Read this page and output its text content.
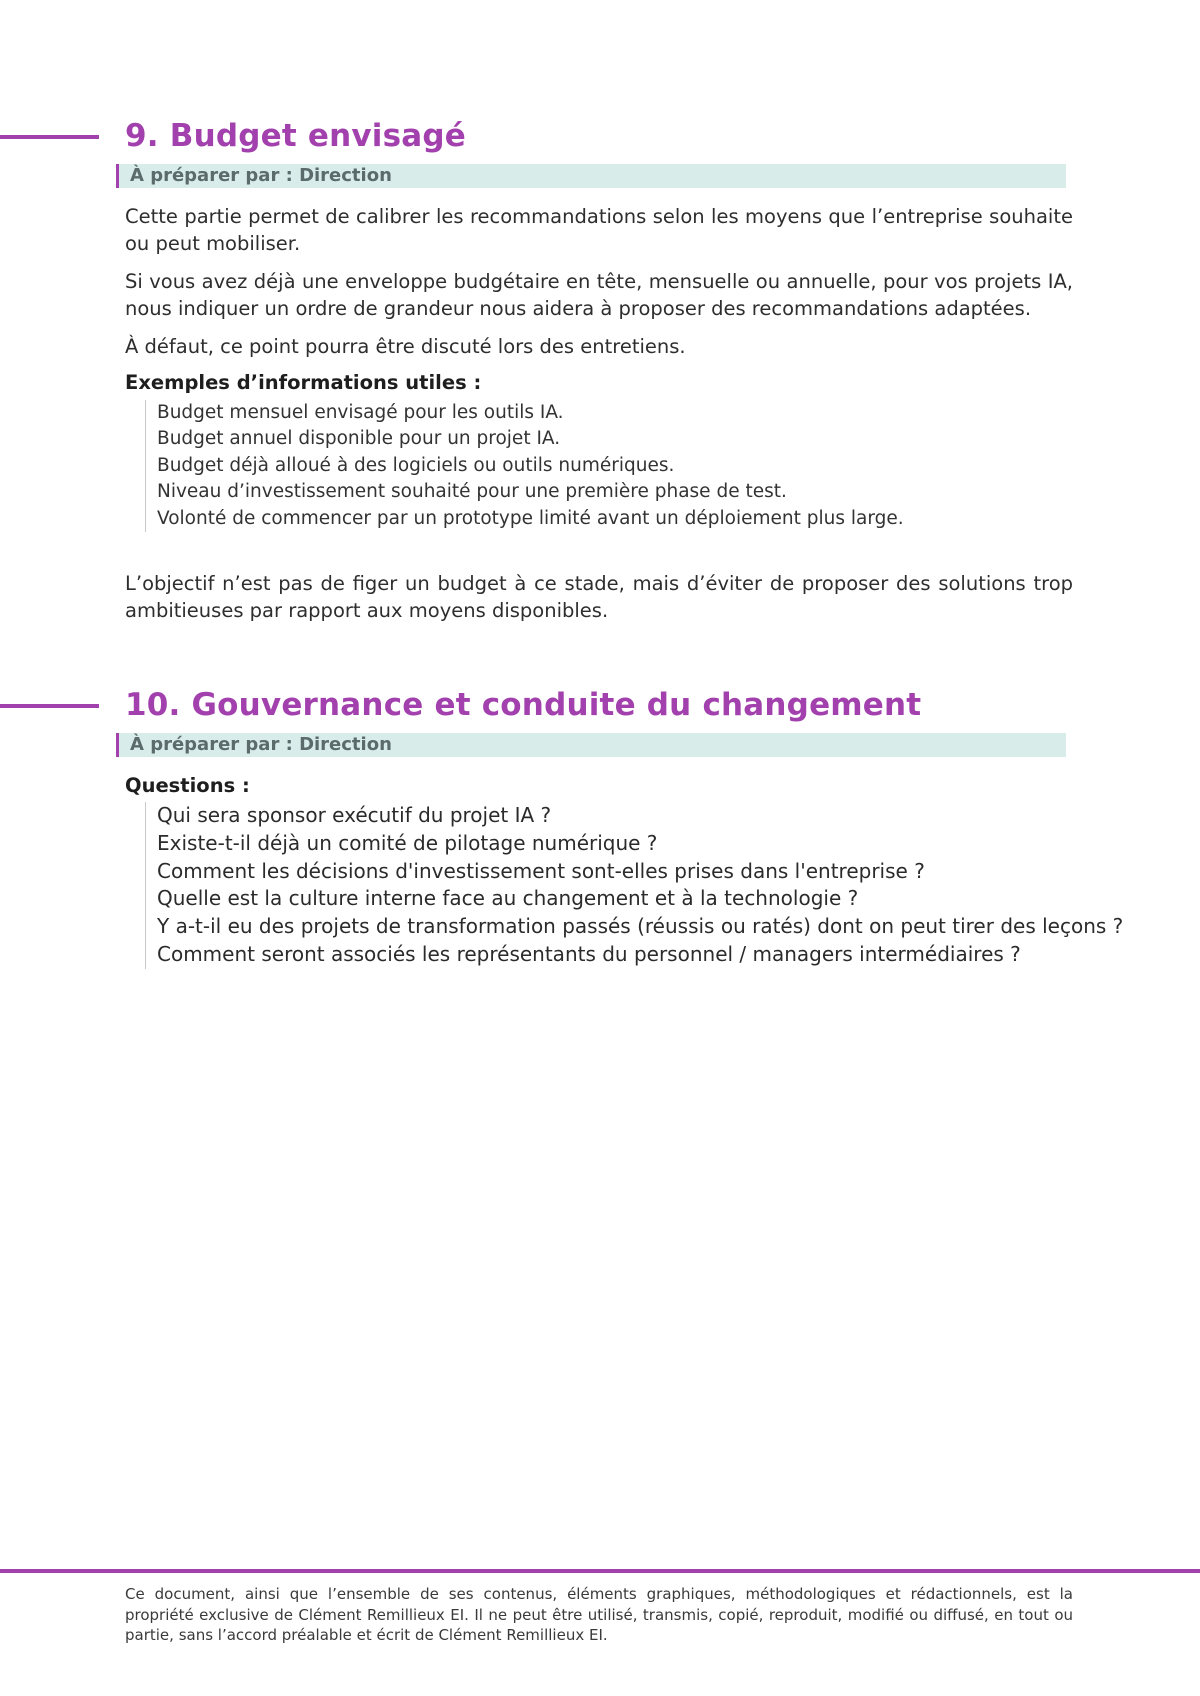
9. Budget envisagé
À préparer par : Direction

Cette partie permet de calibrer les recommandations selon les moyens que l’entreprise souhaite ou peut mobiliser.

Si vous avez déjà une enveloppe budgétaire en tête, mensuelle ou annuelle, pour vos projets IA, nous indiquer un ordre de grandeur nous aidera à proposer des recommandations adaptées.

À défaut, ce point pourra être discuté lors des entretiens.

Exemples d’informations utiles :
Budget mensuel envisagé pour les outils IA.
Budget annuel disponible pour un projet IA.
Budget déjà alloué à des logiciels ou outils numériques.
Niveau d’investissement souhaité pour une première phase de test.
Volonté de commencer par un prototype limité avant un déploiement plus large.

L’objectif n’est pas de figer un budget à ce stade, mais d’éviter de proposer des solutions trop ambitieuses par rapport aux moyens disponibles.

10. Gouvernance et conduite du changement
À préparer par : Direction
Questions :
Qui sera sponsor exécutif du projet IA ?
Existe-t-il déjà un comité de pilotage numérique ?
Comment les décisions d'investissement sont-elles prises dans l'entreprise ?
Quelle est la culture interne face au changement et à la technologie ?
Y a-t-il eu des projets de transformation passés (réussis ou ratés) dont on peut tirer des leçons ?
Comment seront associés les représentants du personnel / managers intermédiaires ?

Ce document, ainsi que l’ensemble de ses contenus, éléments graphiques, méthodologiques et rédactionnels, est la propriété exclusive de Clément Remillieux EI. Il ne peut être utilisé, transmis, copié, reproduit, modifié ou diffusé, en tout ou partie, sans l’accord préalable et écrit de Clément Remillieux EI.
